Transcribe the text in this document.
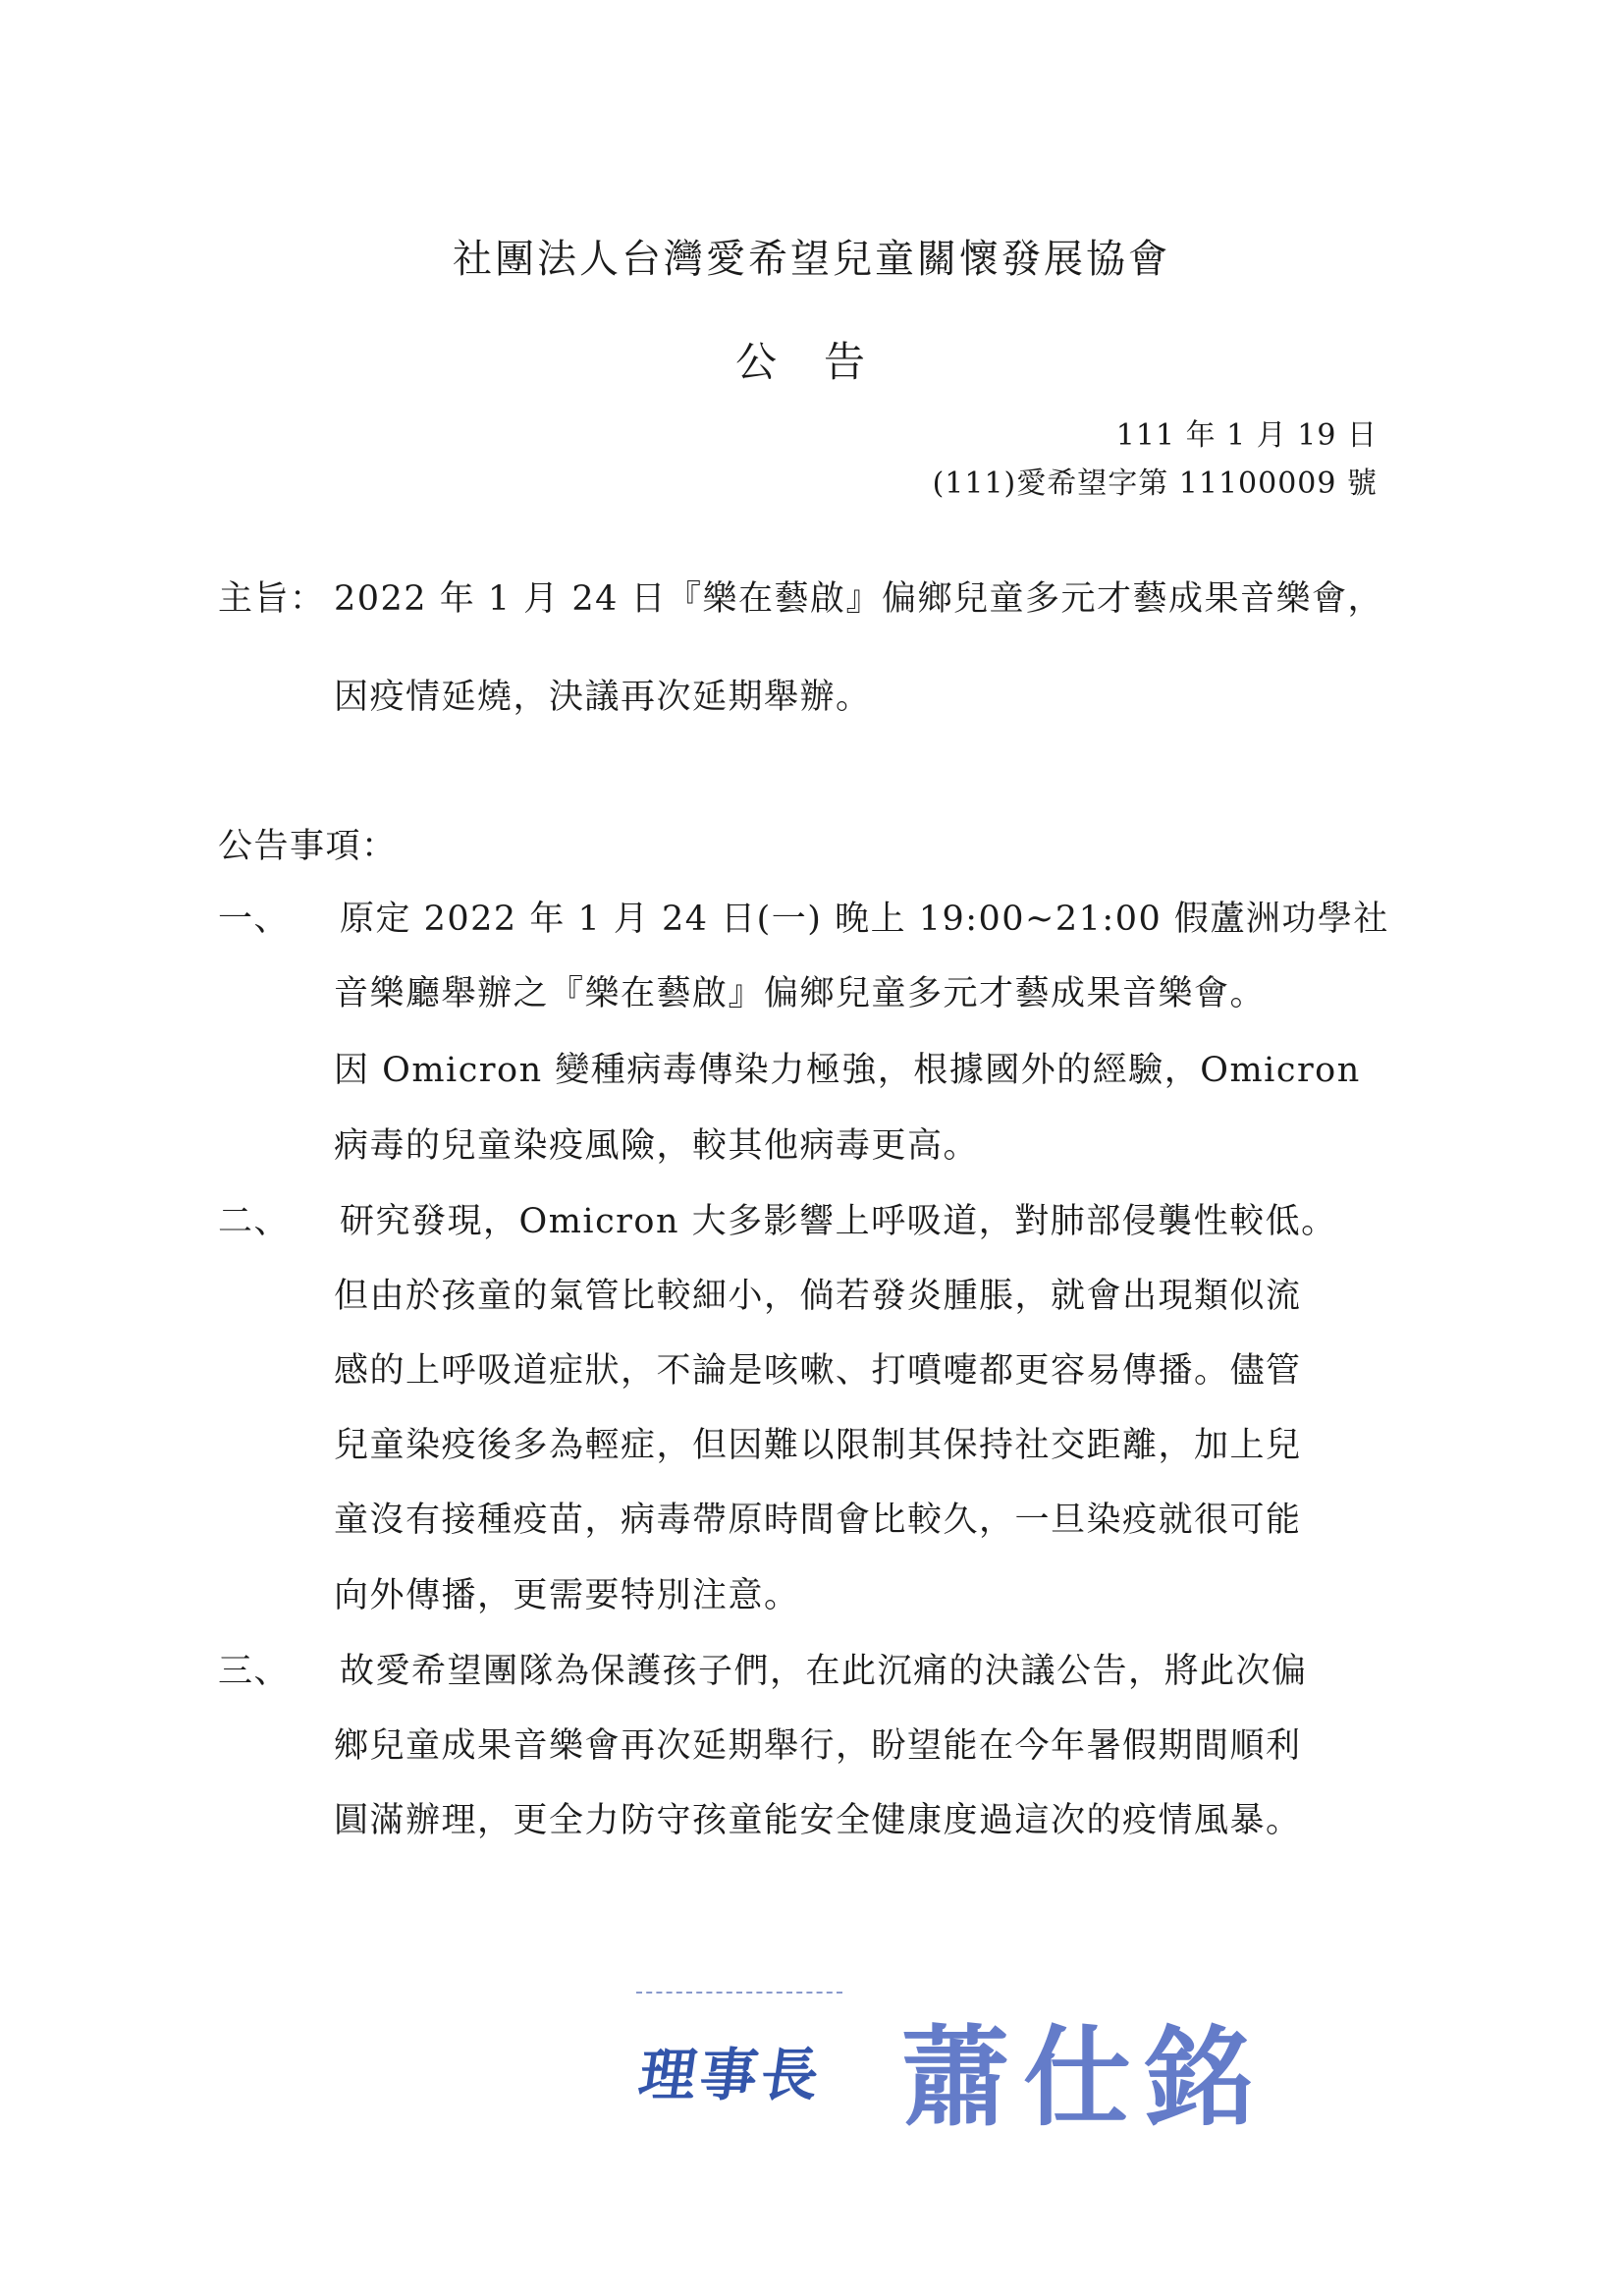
社團法人台灣愛希望兒童關懷發展協會
公　告
111 年 1 月 19 日
(111)愛希望字第 11100009 號
主旨： 2022 年 1 月 24 日『樂在藝啟』偏鄉兒童多元才藝成果音樂會，
因疫情延燒，決議再次延期舉辦。
公告事項：
一、 原定 2022 年 1 月 24 日(一) 晚上 19:00~21:00 假蘆洲功學社
音樂廳舉辦之『樂在藝啟』偏鄉兒童多元才藝成果音樂會。
因 Omicron 變種病毒傳染力極強，根據國外的經驗，Omicron
病毒的兒童染疫風險，較其他病毒更高。
二、 研究發現，Omicron 大多影響上呼吸道，對肺部侵襲性較低。
但由於孩童的氣管比較細小，倘若發炎腫脹，就會出現類似流
感的上呼吸道症狀，不論是咳嗽、打噴嚏都更容易傳播。儘管
兒童染疫後多為輕症，但因難以限制其保持社交距離，加上兒
童沒有接種疫苗，病毒帶原時間會比較久，一旦染疫就很可能
向外傳播，更需要特別注意。
三、 故愛希望團隊為保護孩子們，在此沉痛的決議公告，將此次偏
鄉兒童成果音樂會再次延期舉行，盼望能在今年暑假期間順利
圓滿辦理，更全力防守孩童能安全健康度過這次的疫情風暴。
理事長 蕭仕銘
